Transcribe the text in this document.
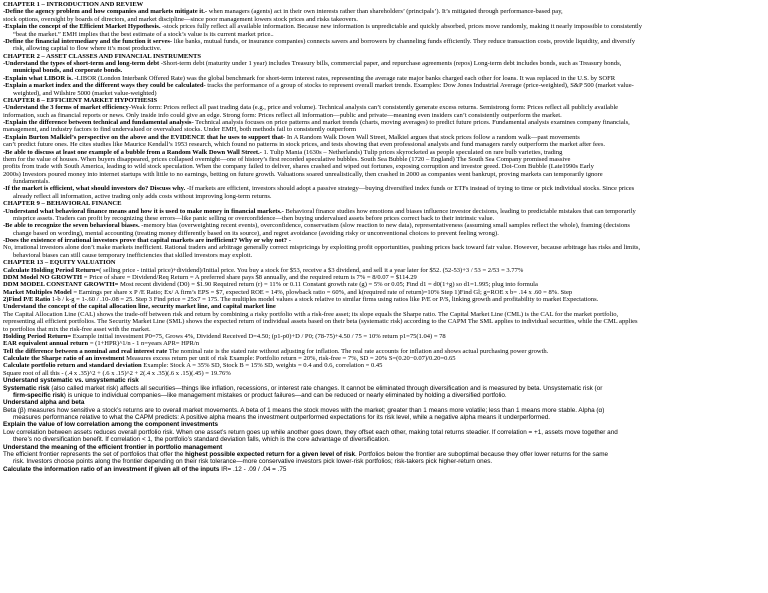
CHAPTER 1 – INTRODUCTION AND REVIEW
-Define the agency problem and how companies and markets mitigate it.- when managers (agents) act in their own interests rather than shareholders’ (principals’). It’s mitigated through performance-based pay,
stock options, oversight by boards of directors, and market discipline—since poor management lowers stock prices and risks takeovers.
-Explain the concept of the Efficient Market Hypothesis. -stock prices fully reflect all available information. Because new information is unpredictable and quickly absorbed, prices move randomly, making it nearly impossible to consistently
“beat the market.” EMH implies that the best estimate of a stock’s value is its current market price..
-Define the financial intermediary and the function it serves- like banks, mutual funds, or insurance companies) connects savers and borrowers by channeling funds efficiently. They reduce transaction costs, provide liquidity, and diversify
risk, allowing capital to flow where it’s most productive.
CHAPTER 2 – ASSET CLASSES AND FINANCIAL INSTRUMENTS
-Understand the types of short-term and long-term debt -Short-term debt (maturity under 1 year) includes Treasury bills, commercial paper, and repurchase agreements (repos) Long-term debt includes bonds, such as Treasury bonds,
municipal bonds, and corporate bonds.
-Explain what LIBOR is. -LIBOR (London Interbank Offered Rate) was the global benchmark for short-term interest rates, representing the average rate major banks charged each other for loans. It was replaced in the U.S. by SOFR
-Explain a market index and the different ways they could be calculated- tracks the performance of a group of stocks to represent overall market trends. Examples: Dow Jones Industrial Average (price-weighted), S&P 500 (market value-
weighted), and Wilshire 5000 (market value-weighted)
CHAPTER 8 – EFFICIENT MARKET HYPOTHESIS
-Understand the 3 forms of market efficiency-Weak form: Prices reflect all past trading data (e.g., price and volume). Technical analysis can’t consistently generate excess returns. Semistrong form: Prices reflect all publicly available
information, such as financial reports or news. Only inside info could give an edge. Strong form: Prices reflect all information—public and private—meaning even insiders can’t consistently outperform the market.
-Explain the difference between technical and fundamental analysis- Technical analysis focuses on price patterns and market trends (charts, moving averages) to predict future prices. Fundamental analysis examines company financials,
management, and industry factors to find undervalued or overvalued stocks. Under EMH, both methods fail to consistently outperform
-Explain Burton Malkiel’s perspective on the above and the EVIDENCE that he uses to support that- In A Random Walk Down Wall Street, Malkiel argues that stock prices follow a random walk—past movements
can’t predict future ones. He cites studies like Maurice Kendall’s 1953 research, which found no patterns in stock prices, and tests showing that even professional analysts and fund managers rarely outperform the market after fees.
-Be able to discuss at least one example of a bubble from a Random Walk Down Wall Street.- 1. Tulip Mania (1630s – Netherlands) Tulip prices skyrocketed as people speculated on rare bulb varieties, trading
them for the value of houses. When buyers disappeared, prices collapsed overnight—one of history’s first recorded speculative bubbles. South Sea Bubble (1720 – England) The South Sea Company promised massive
profits from trade with South America, leading to wild stock speculation. When the company failed to deliver, shares crashed and wiped out fortunes, exposing corruption and investor greed. Dot-Com Bubble (Late1990s Early
2000s) Investors poured money into internet startups with little to no earnings, betting on future growth. Valuations soared unrealistically, then crashed in 2000 as companies went bankrupt, proving markets can temporarily ignore
fundamentals.
-If the market is efficient, what should investors do? Discuss why. -If markets are efficient, investors should adopt a passive strategy—buying diversified index funds or ETFs instead of trying to time or pick individual stocks. Since prices
already reflect all information, active trading only adds costs without improving long-term returns.
CHAPTER 9 – BEHAVIORAL FINANCE
-Understand what behavioral finance means and how it is used to make money in financial markets.- Behavioral finance studies how emotions and biases influence investor decisions, leading to predictable mistakes that can temporarily
misprice assets. Traders can profit by recognizing these errors—like panic selling or overconfidence—then buying undervalued assets before prices correct back to their intrinsic value.
-Be able to recognize the seven behavioral biases. -memory bias (overweighting recent events), overconfidence, conservatism (slow reaction to new data), representativeness (assuming small samples reflect the whole), framing (decisions
change based on wording), mental accounting (treating money differently based on its source), and regret avoidance (avoiding risky or unconventional choices to prevent feeling wrong).
-Does the existence of irrational investors prove that capital markets are inefficient? Why or why not? -
No, irrational investors alone don’t make markets inefficient. Rational traders and arbitrage generally correct mispricings by exploiting profit opportunities, pushing prices back toward fair value. However, because arbitrage has risks and limits,
behavioral biases can still cause temporary inefficiencies that skilled investors may exploit.
CHAPTER 13 – EQUITY VALUATION
Calculate Holding Period Return=( selling price - initial price)+dividend)/Initial price. You buy a stock for $53, receive a $3 dividend, and sell it a year later for $52. (52-53)+3 / 53 = 2/53 = 3.77%
DDM Model NO GROWTH = Price of share = Dividend/Req Return = A preferred share pays $8 annually, and the required return is 7% = 8/0.07 = $114.29
DDM MODEL CONSTANT GROWTH= Most recent dividend (D0) = $1.90 Required return (r) = 11% or 0.11 Constant growth rate (g) = 5% or 0.05; Find d1 = d0(1+g) so d1=1.995; plug into formula
Market Multiples Model = Earnings per share x P /E Ratio; Ex/ A firm’s EPS = $7, expected ROE = 14%, plowback ratio = 60%, and k(required rate of return)=10% Step 1)Find Gl; g=ROE x b= .14 x .60 = 8%. Step
2)Find P/E Ratio 1-b / k-g = 1-.60 / .10-.08 = 25. Step 3 Find price = 25x7 = 175. The multiples model values a stock relative to similar firms using ratios like P/E or P/S, linking growth and profitability to market Expectations.
Understand the concept of the capital allocation line, security market line, and capital market line
The Capital Allocation Line (CAL) shows the trade-off between risk and return by combining a risky portfolio with a risk-free asset; its slope equals the Sharpe ratio. The Capital Market Line (CML) is the CAL for the market portfolio,
representing all efficient portfolios. The Security Market Line (SML) shows the expected return of individual assets based on their beta (systematic risk) according to the CAPM The SML applies to individual securities, while the CML applies
to portfolios that mix the risk-free asset with the market.
Holding Period Return= Example initial investment P0=75, Grows 4%, Dividend Received D=4.50; (p1-p0)+D / P0; (78-75)+4.50 / 75 = 10% return p1=75(1.04) = 78
EAR equivalent annual return = (1+HPR)^1/n - 1 n=years APR= HPR/n
Tell the difference between a nominal and real interest rate The nominal rate is the stated rate without adjusting for inflation. The real rate accounts for inflation and shows actual purchasing power growth.
Calculate the Sharpe ratio of an investment Measures excess return per unit of risk Example: Portfolio return = 20%, risk-free = 7%, SD = 20% S=(0.20−0.07)/0.20=0.65
Calculate portfolio return and standard deviation Example: Stock A = 35% SD, Stock B = 15% SD, weights = 0.4 and 0.6, correlation = 0.45
Square root of all this - (.4 x .35)^2 + (.6 x .15)^2 + 2(.4 x .35)(.6 x .15)(.45) = 19.76%
Understand systematic vs. unsystematic risk
Systematic risk (also called market risk) affects all securities—things like inflation, recessions, or interest rate changes. It cannot be eliminated through diversification and is measured by beta. Unsystematic risk (or
firm-specific risk) is unique to individual companies—like management mistakes or product failures—and can be reduced or nearly eliminated by holding a diversified portfolio.
Understand alpha and beta
Beta (β) measures how sensitive a stock’s returns are to overall market movements. A beta of 1 means the stock moves with the market; greater than 1 means more volatile; less than 1 means more stable. Alpha (α)
measures performance relative to what the CAPM predicts: A positive alpha means the investment outperformed expectations for its risk level, while a negative alpha means it underperformed.
Explain the value of low correlation among the component investments
Low correlation between assets reduces overall portfolio risk. When one asset’s return goes up while another goes down, they offset each other, making total returns steadier. If correlation = +1, assets move together and
there’s no diversification benefit. If correlation < 1, the portfolio’s standard deviation falls, which is the core advantage of diversification.
Understand the meaning of the efficient frontier in portfolio management
The efficient frontier represents the set of portfolios that offer the highest possible expected return for a given level of risk. Portfolios below the frontier are suboptimal because they offer lower returns for the same
risk. Investors choose points along the frontier depending on their risk tolerance—more conservative investors pick lower-risk portfolios; risk-takers pick higher-return ones.
Calculate the information ratio of an investment if given all of the inputs IR= .12 - .09 / .04 = .75
